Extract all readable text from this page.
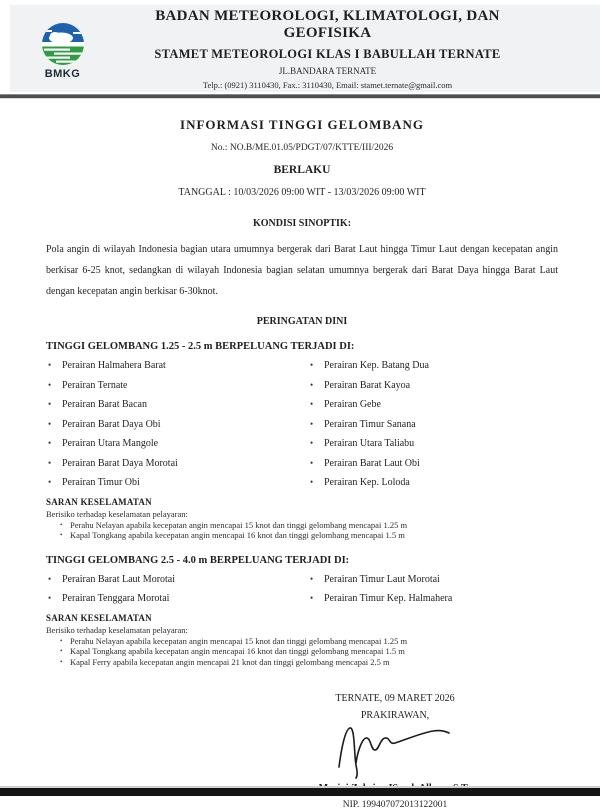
BMKG

BADAN METEOROLOGI, KLIMATOLOGI, DAN GEOFISIKA

STAMET METEOROLOGI KLAS I BABULLAH TERNATE

JL.BANDARA TERNATE

Telp.: (0921) 3110430, Fax.: 3110430, Email: stamet.ternate@gmail.com

INFORMASI TINGGI GELOMBANG

No.: NO.B/ME.01.05/PDGT/07/KTTE/III/2026

BERLAKU

TANGGAL : 10/03/2026 09:00 WIT - 13/03/2026 09:00 WIT

KONDISI SINOPTIK:

Pola angin di wilayah Indonesia bagian utara umumnya bergerak dari Barat Laut hingga Timur Laut dengan kecepatan angin berkisar 6-25 knot, sedangkan di wilayah Indonesia bagian selatan umumnya bergerak dari Barat Daya hingga Barat Laut dengan kecepatan angin berkisar 6-30knot.

PERINGATAN DINI

TINGGI GELOMBANG 1.25 - 2.5 m BERPELUANG TERJADI DI:

• Perairan Halmahera Barat
• Perairan Ternate
• Perairan Barat Bacan
• Perairan Barat Daya Obi
• Perairan Utara Mangole
• Perairan Barat Daya Morotai
• Perairan Timur Obi
• Perairan Kep. Batang Dua
• Perairan Barat Kayoa
• Perairan Gebe
• Perairan Timur Sanana
• Perairan Utara Taliabu
• Perairan Barat Laut Obi
• Perairan Kep. Loloda

SARAN KESELAMATAN

Berisiko terhadap keselamatan pelayaran:

• Perahu Nelayan apabila kecepatan angin mencapai 15 knot dan tinggi gelombang mencapai 1.25 m
• Kapal Tongkang apabila kecepatan angin mencapai 16 knot dan tinggi gelombang mencapai 1.5 m

TINGGI GELOMBANG 2.5 - 4.0 m BERPELUANG TERJADI DI:

• Perairan Barat Laut Morotai
• Perairan Tenggara Morotai
• Perairan Timur Laut Morotai
• Perairan Timur Kep. Halmahera

SARAN KESELAMATAN

Berisiko terhadap keselamatan pelayaran:

• Perahu Nelayan apabila kecepatan angin mencapai 15 knot dan tinggi gelombang mencapai 1.25 m
• Kapal Tongkang apabila kecepatan angin mencapai 16 knot dan tinggi gelombang mencapai 1.5 m
• Kapal Ferry apabila kecepatan angin mencapai 21 knot dan tinggi gelombang mencapai 2.5 m

TERNATE, 09 MARET 2026

PRAKIRAWAN,

NIP. 199407072013122001
